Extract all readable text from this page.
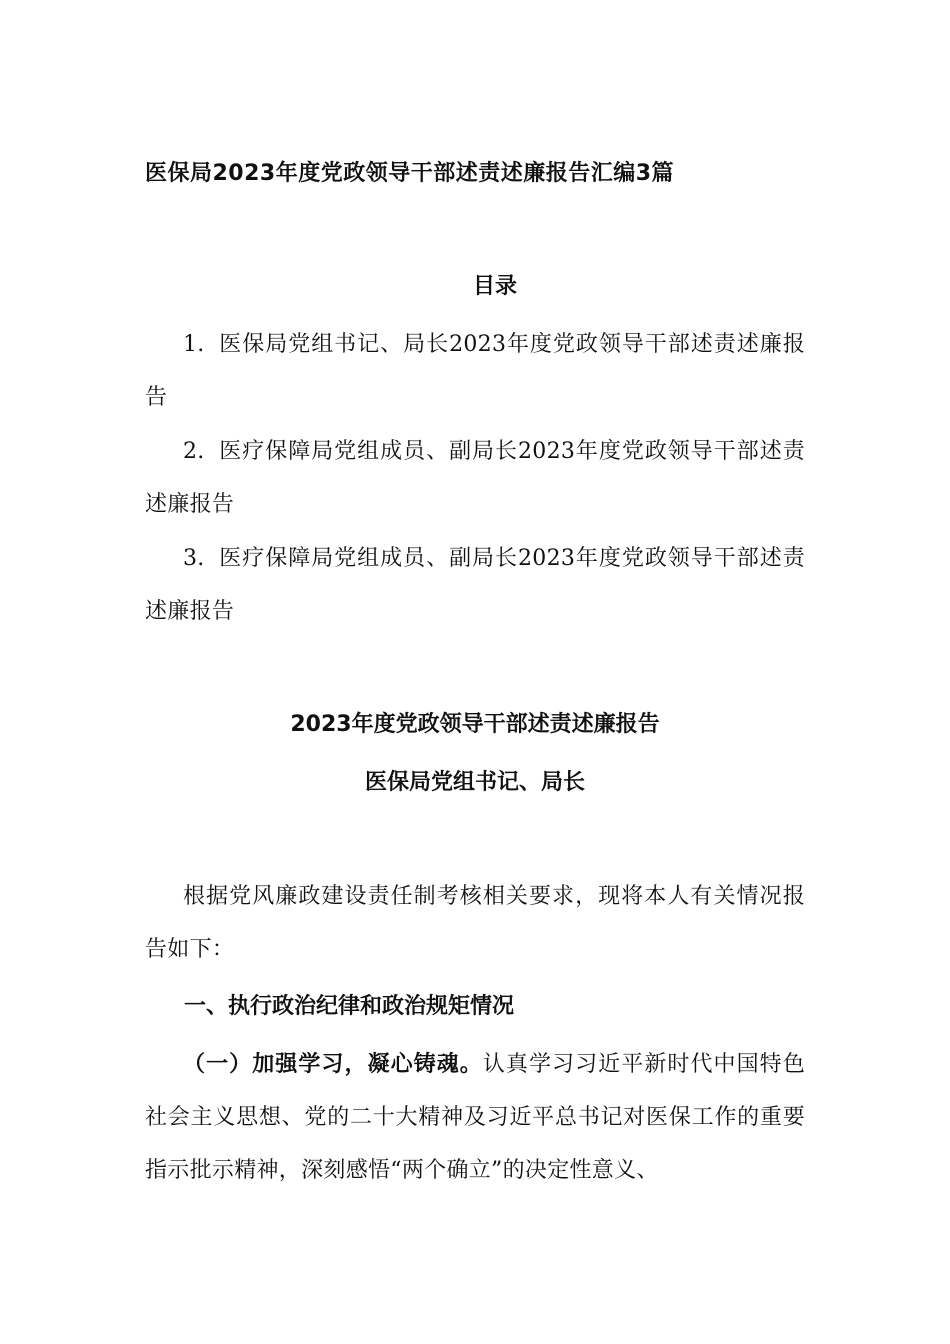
医保局2023年度党政领导干部述责述廉报告汇编3篇
目录
1. 医保局党组书记、局长2023年度党政领导干部述责述廉报告
2. 医疗保障局党组成员、副局长2023年度党政领导干部述责述廉报告
3. 医疗保障局党组成员、副局长2023年度党政领导干部述责述廉报告
2023年度党政领导干部述责述廉报告
医保局党组书记、局长
根据党风廉政建设责任制考核相关要求，现将本人有关情况报告如下：
一、执行政治纪律和政治规矩情况
（一）加强学习，凝心铸魂。认真学习习近平新时代中国特色社会主义思想、党的二十大精神及习近平总书记对医保工作的重要指示批示精神，深刻感悟“两个确立”的决定性意义、
